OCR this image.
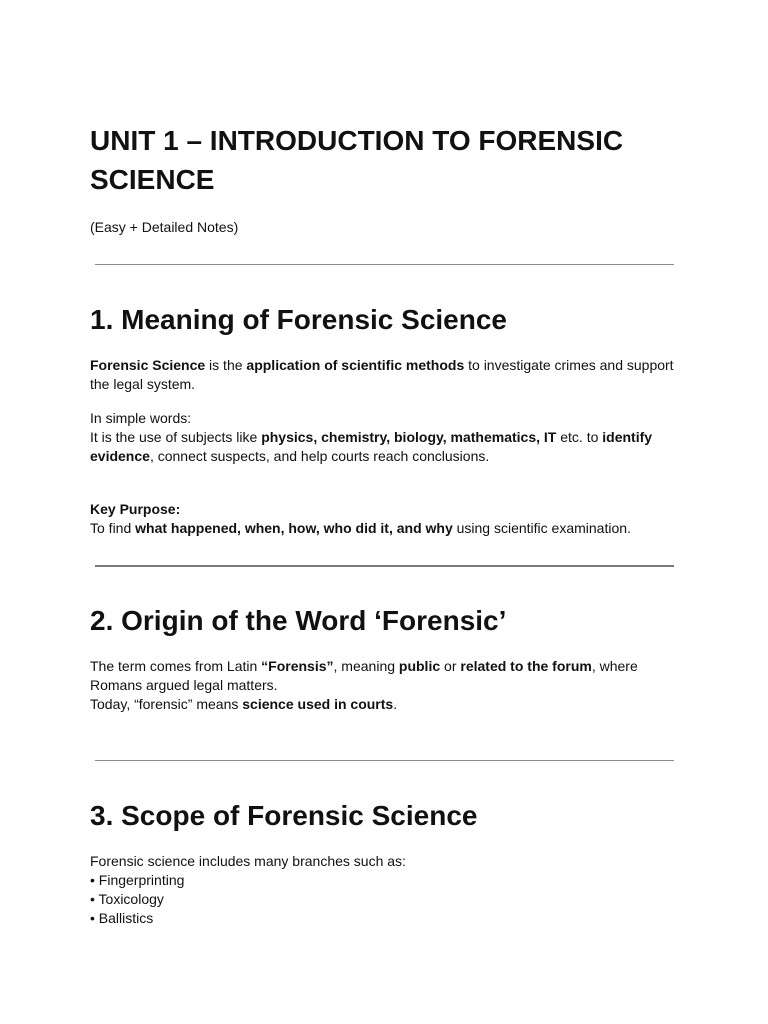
UNIT 1 – INTRODUCTION TO FORENSIC SCIENCE

(Easy + Detailed Notes)

1. Meaning of Forensic Science

Forensic Science is the application of scientific methods to investigate crimes and support
the legal system.

In simple words:
It is the use of subjects like physics, chemistry, biology, mathematics, IT etc. to identify
evidence, connect suspects, and help courts reach conclusions.

Key Purpose:
To find what happened, when, how, who did it, and why using scientific examination.

2. Origin of the Word ‘Forensic’

The term comes from Latin “Forensis”, meaning public or related to the forum, where
Romans argued legal matters.
Today, “forensic” means science used in courts.

3. Scope of Forensic Science

Forensic science includes many branches such as:
• Fingerprinting
• Toxicology
• Ballistics
